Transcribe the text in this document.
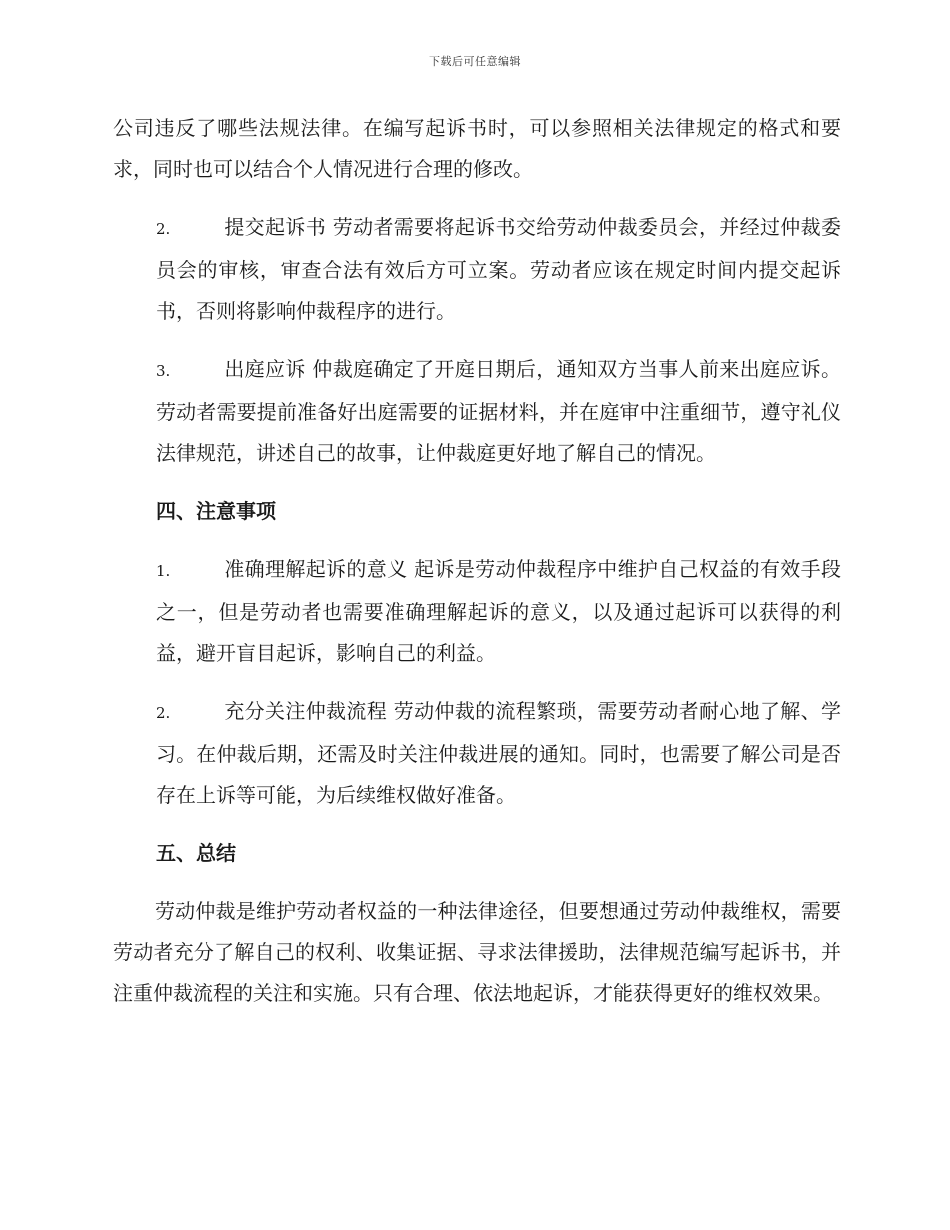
下载后可任意编辑

公司违反了哪些法规法律。在编写起诉书时，可以参照相关法律规定的格式和要求，同时也可以结合个人情况进行合理的修改。

2.	提交起诉书 劳动者需要将起诉书交给劳动仲裁委员会，并经过仲裁委员会的审核，审查合法有效后方可立案。劳动者应该在规定时间内提交起诉书，否则将影响仲裁程序的进行。

3.	出庭应诉 仲裁庭确定了开庭日期后，通知双方当事人前来出庭应诉。劳动者需要提前准备好出庭需要的证据材料，并在庭审中注重细节，遵守礼仪法律规范，讲述自己的故事，让仲裁庭更好地了解自己的情况。

四、注意事项

1.	准确理解起诉的意义 起诉是劳动仲裁程序中维护自己权益的有效手段之一，但是劳动者也需要准确理解起诉的意义，以及通过起诉可以获得的利益，避开盲目起诉，影响自己的利益。

2.	充分关注仲裁流程 劳动仲裁的流程繁琐，需要劳动者耐心地了解、学习。在仲裁后期，还需及时关注仲裁进展的通知。同时，也需要了解公司是否存在上诉等可能，为后续维权做好准备。

五、总结

劳动仲裁是维护劳动者权益的一种法律途径，但要想通过劳动仲裁维权，需要劳动者充分了解自己的权利、收集证据、寻求法律援助，法律规范编写起诉书，并注重仲裁流程的关注和实施。只有合理、依法地起诉，才能获得更好的维权效果。
